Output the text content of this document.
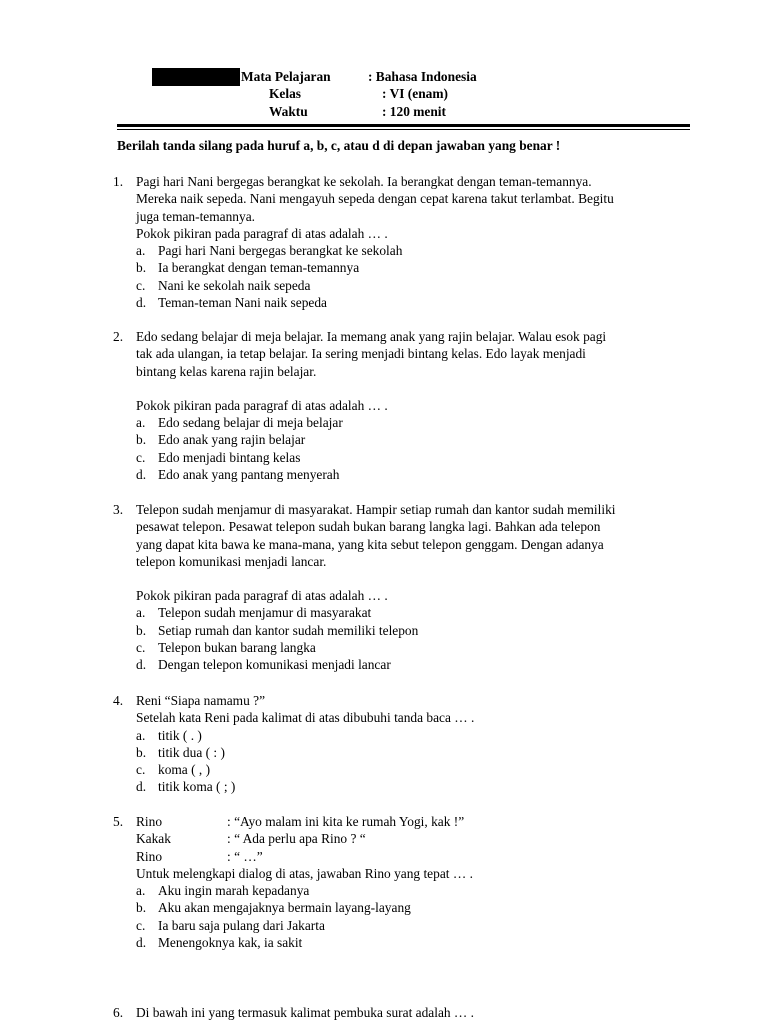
Mata Pelajaran	: Bahasa Indonesia
Kelas	: VI (enam)
Waktu	: 120 menit
Berilah tanda silang pada huruf a, b, c, atau d di depan jawaban yang benar !
1. Pagi hari Nani bergegas berangkat ke sekolah. Ia berangkat dengan teman-temannya.
Mereka naik sepeda. Nani mengayuh sepeda dengan cepat karena takut terlambat. Begitu
juga teman-temannya.
Pokok pikiran pada paragraf di atas adalah … .
a. Pagi hari Nani bergegas berangkat ke sekolah
b. Ia berangkat dengan teman-temannya
c. Nani ke sekolah naik sepeda
d. Teman-teman Nani naik sepeda
2. Edo sedang belajar di meja belajar. Ia memang anak yang rajin belajar. Walau esok pagi
tak ada ulangan, ia tetap belajar. Ia sering menjadi bintang kelas. Edo layak menjadi
bintang kelas karena rajin belajar.
Pokok pikiran pada paragraf di atas adalah … .
a. Edo sedang belajar di meja belajar
b. Edo anak yang rajin belajar
c. Edo menjadi bintang kelas
d. Edo anak yang pantang menyerah
3. Telepon sudah menjamur di masyarakat. Hampir setiap rumah dan kantor sudah memiliki
pesawat telepon. Pesawat telepon sudah bukan barang langka lagi. Bahkan ada telepon
yang dapat kita bawa ke mana-mana, yang kita sebut telepon genggam. Dengan adanya
telepon komunikasi menjadi lancar.
Pokok pikiran pada paragraf di atas adalah … .
a. Telepon sudah menjamur di masyarakat
b. Setiap rumah dan kantor sudah memiliki telepon
c. Telepon bukan barang langka
d. Dengan telepon komunikasi menjadi lancar
4. Reni “Siapa namamu ?”
Setelah kata Reni pada kalimat di atas dibubuhi tanda baca … .
a. titik ( . )
b. titik dua ( : )
c. koma ( , )
d. titik koma ( ; )
5. Rino	: “Ayo malam ini kita ke rumah Yogi, kak !”
Kakak	: “ Ada perlu apa Rino ? “
Rino	: “ …”
Untuk melengkapi dialog di atas, jawaban Rino yang tepat … .
a. Aku ingin marah kepadanya
b. Aku akan mengajaknya bermain layang-layang
c. Ia baru saja pulang dari Jakarta
d. Menengoknya kak, ia sakit
6. Di bawah ini yang termasuk kalimat pembuka surat adalah … .
